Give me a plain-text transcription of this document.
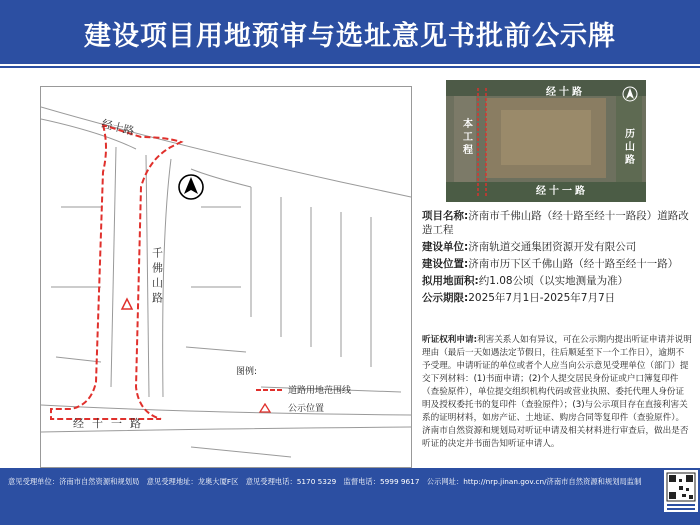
建设项目用地预审与选址意见书批前公示牌
经十路
经十一路
千佛山路
经十路
经十一路
历山路
本工程
图例:
道路用地范围线
公示位置
项目名称:济南市千佛山路（经十路至经十一路段）道路改造工程
建设单位:济南轨道交通集团资源开发有限公司
建设位置:济南市历下区千佛山路（经十路至经十一路）
拟用地面积:约1.08公顷（以实地测量为准）
公示期限:2025年7月1日-2025年7月7日
听证权利申请:利害关系人如有异议，可在公示期内提出听证申请并说明理由（最后一天如遇法定节假日，往后顺延至下一个工作日），逾期不予受理。申请听证的单位或者个人应当向公示意见受理单位（部门）提交下列材料：(1)书面申请；(2)个人提交居民身份证或户口簿复印件（查验原件），单位提交组织机构代码或营业执照、委托代理人身份证明及授权委托书的复印件（查验原件）；(3)与公示项目存在直接利害关系的证明材料，如房产证、土地证、购房合同等复印件（查验原件）。济南市自然资源和规划局对听证申请及相关材料进行审查后，做出是否听证的决定并书面告知听证申请人。
意见受理单位：济南市自然资源和规划局　意见受理地址：龙奥大厦F区　意见受理电话：5170 5329　监督电话：5999 9617　公示网址：http://nrp.jinan.gov.cn/济南市自然资源和规划局监制
